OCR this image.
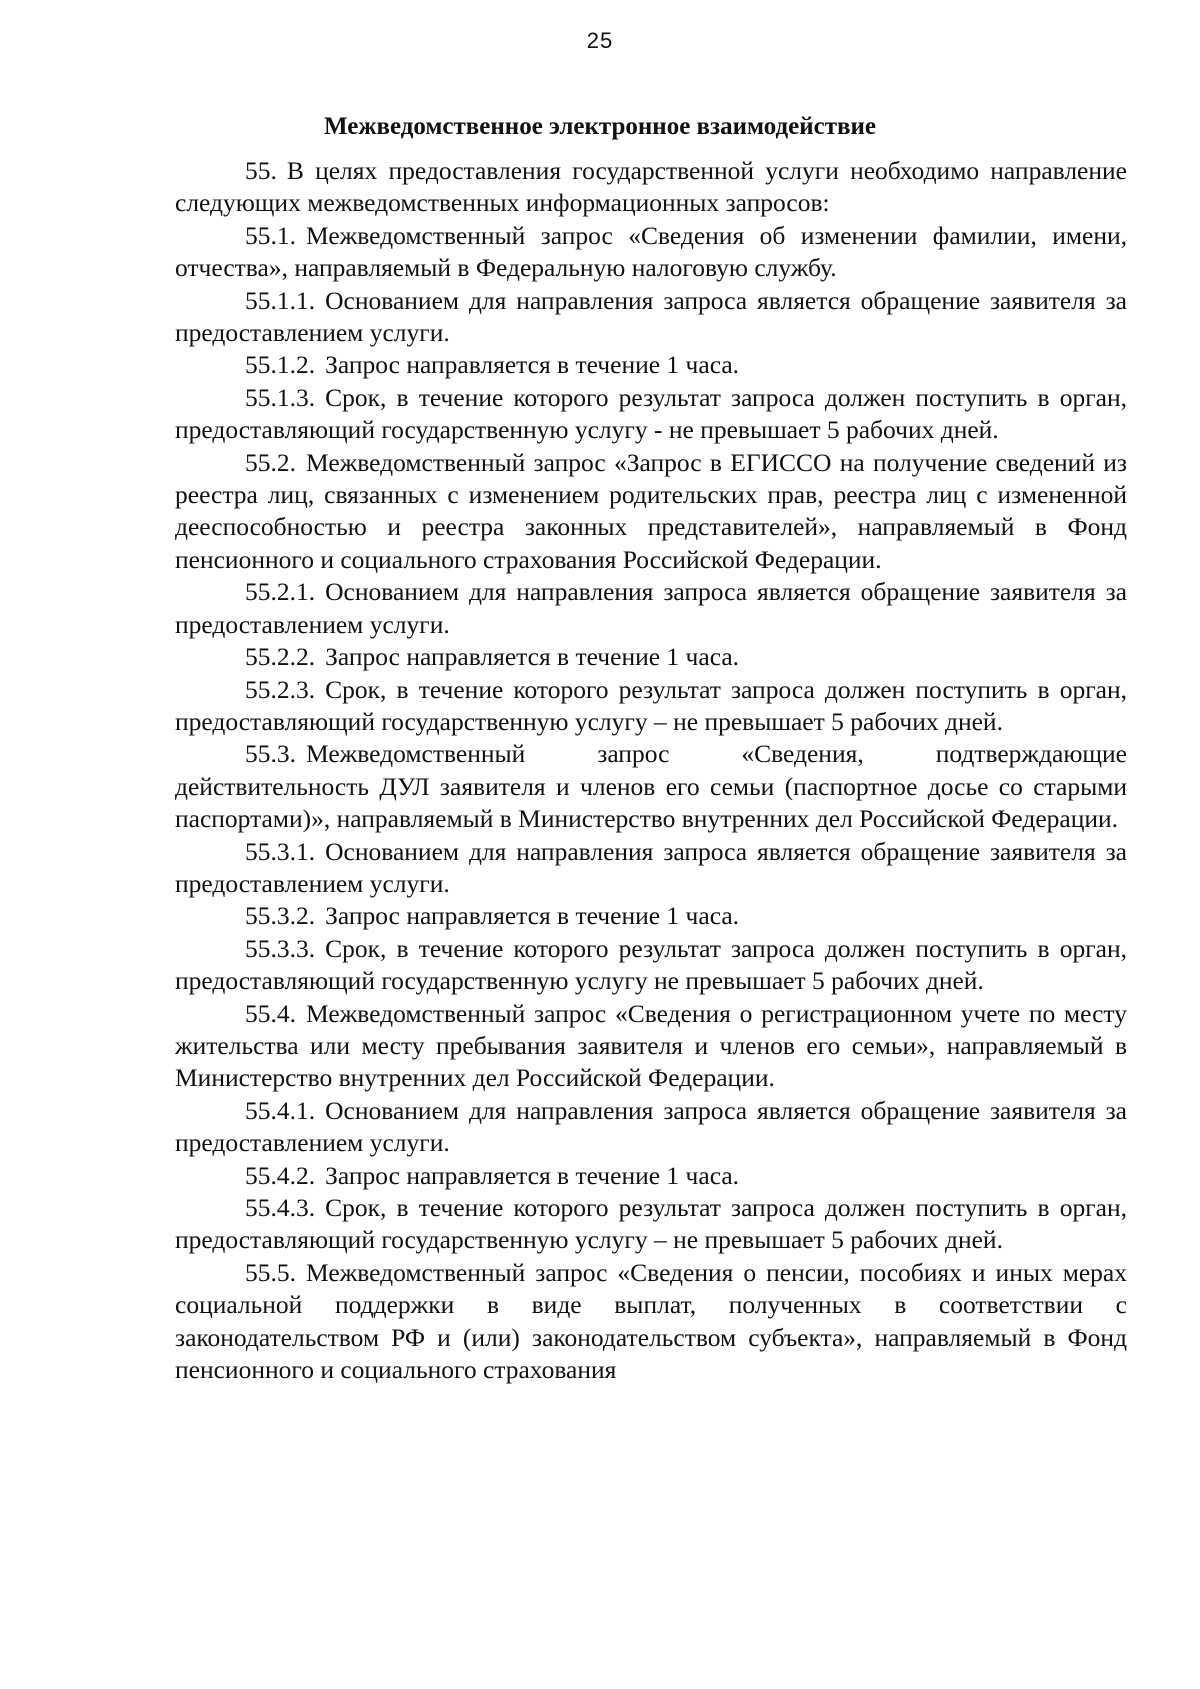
25
Межведомственное электронное взаимодействие

55. В целях предоставления государственной услуги необходимо направление следующих межведомственных информационных запросов:

55.1. Межведомственный запрос «Сведения об изменении фамилии, имени, отчества», направляемый в Федеральную налоговую службу.

55.1.1. Основанием для направления запроса является обращение заявителя за предоставлением услуги.

55.1.2. Запрос направляется в течение 1 часа.

55.1.3. Срок, в течение которого результат запроса должен поступить в орган, предоставляющий государственную услугу - не превышает 5 рабочих дней.

55.2. Межведомственный запрос «Запрос в ЕГИССО на получение сведений из реестра лиц, связанных с изменением родительских прав, реестра лиц с измененной дееспособностью и реестра законных представителей», направляемый в Фонд пенсионного и социального страхования Российской Федерации.

55.2.1. Основанием для направления запроса является обращение заявителя за предоставлением услуги.

55.2.2. Запрос направляется в течение 1 часа.

55.2.3. Срок, в течение которого результат запроса должен поступить в орган, предоставляющий государственную услугу – не превышает 5 рабочих дней.

55.3. Межведомственный запрос «Сведения, подтверждающие действительность ДУЛ заявителя и членов его семьи (паспортное досье со старыми паспортами)», направляемый в Министерство внутренних дел Российской Федерации.

55.3.1. Основанием для направления запроса является обращение заявителя за предоставлением услуги.

55.3.2. Запрос направляется в течение 1 часа.

55.3.3. Срок, в течение которого результат запроса должен поступить в орган, предоставляющий государственную услугу не превышает 5 рабочих дней.

55.4. Межведомственный запрос «Сведения о регистрационном учете по месту жительства или месту пребывания заявителя и членов его семьи», направляемый в Министерство внутренних дел Российской Федерации.

55.4.1. Основанием для направления запроса является обращение заявителя за предоставлением услуги.

55.4.2. Запрос направляется в течение 1 часа.

55.4.3. Срок, в течение которого результат запроса должен поступить в орган, предоставляющий государственную услугу – не превышает 5 рабочих дней.

55.5. Межведомственный запрос «Сведения о пенсии, пособиях и иных мерах социальной поддержки в виде выплат, полученных в соответствии с законодательством РФ и (или) законодательством субъекта», направляемый в Фонд пенсионного и социального страхования
